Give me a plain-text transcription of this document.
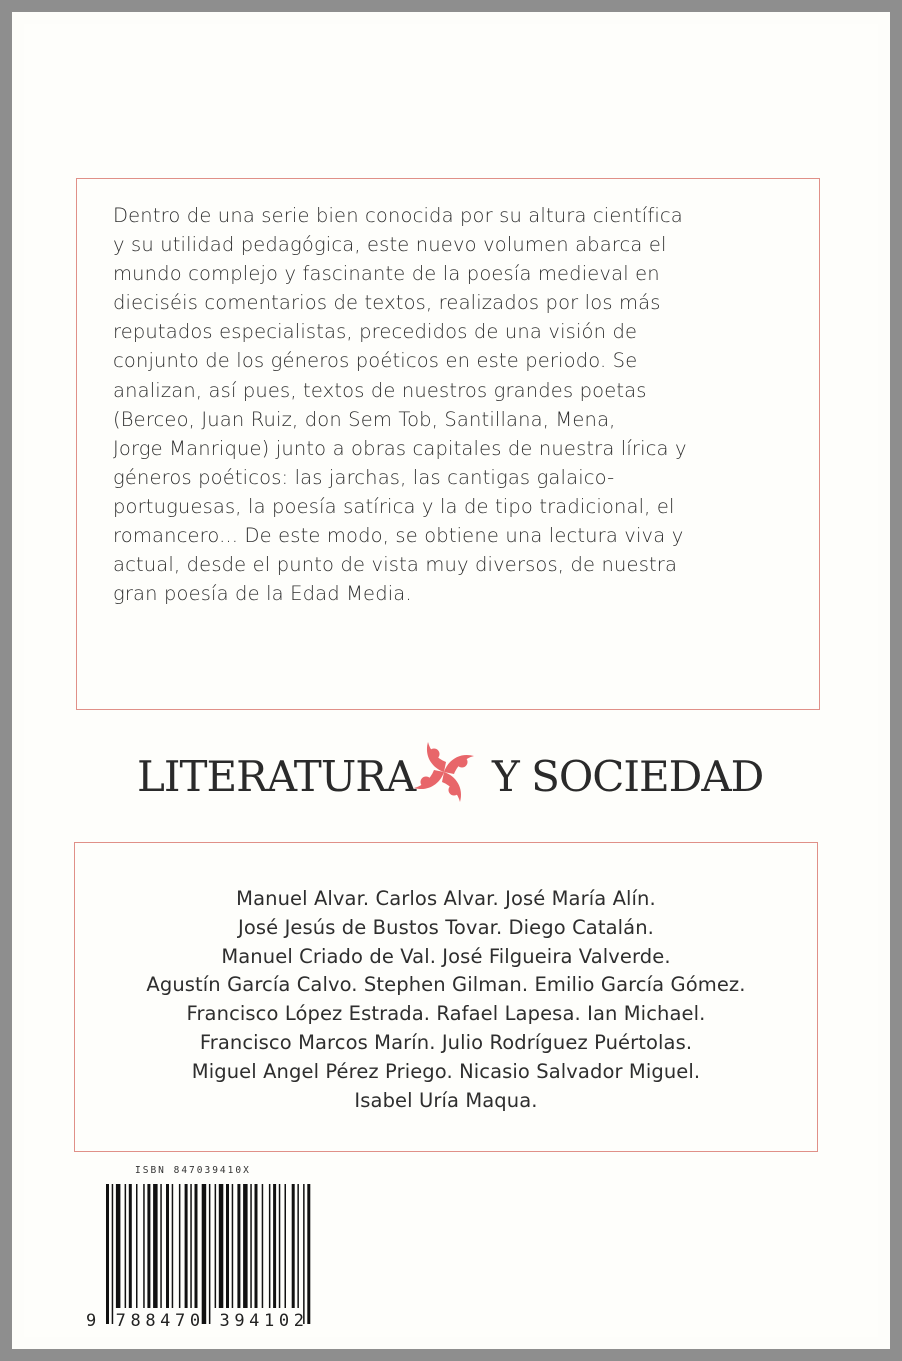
Dentro de una serie bien conocida por su altura científica
y su utilidad pedagógica, este nuevo volumen abarca el
mundo complejo y fascinante de la poesía medieval en
dieciséis comentarios de textos, realizados por los más
reputados especialistas, precedidos de una visión de
conjunto de los géneros poéticos en este periodo. Se
analizan, así pues, textos de nuestros grandes poetas
(Berceo, Juan Ruiz, don Sem Tob, Santillana, Mena,
Jorge Manrique) junto a obras capitales de nuestra lírica y
géneros poéticos: las jarchas, las cantigas galaico-
portuguesas, la poesía satírica y la de tipo tradicional, el
romancero... De este modo, se obtiene una lectura viva y
actual, desde el punto de vista muy diversos, de nuestra
gran poesía de la Edad Media.

LITERATURA Y SOCIEDAD
Manuel Alvar. Carlos Alvar. José María Alín.
José Jesús de Bustos Tovar. Diego Catalán.
Manuel Criado de Val. José Filgueira Valverde.
Agustín García Calvo. Stephen Gilman. Emilio García Gómez.
Francisco López Estrada. Rafael Lapesa. Ian Michael.
Francisco Marcos Marín. Julio Rodríguez Puértolas.
Miguel Angel Pérez Priego. Nicasio Salvador Miguel.
Isabel Uría Maqua.
ISBN 847039410X
9 788470 394102
